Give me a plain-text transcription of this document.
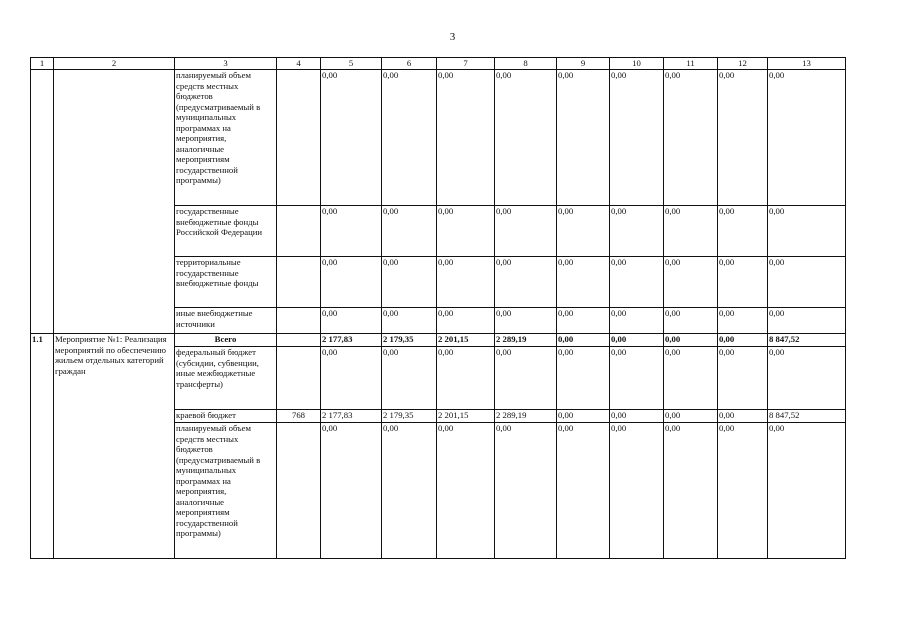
3
1	2	3	4	5	6	7	8	9	10	11	12	13
		планируемый объем средств местных бюджетов (предусматриваемый в муниципальных программах на мероприятия, аналогичные мероприятиям государственной программы)		0,00	0,00	0,00	0,00	0,00	0,00	0,00	0,00	0,00
		государственные внебюджетные фонды Российской Федерации		0,00	0,00	0,00	0,00	0,00	0,00	0,00	0,00	0,00
		территориальные государственные внебюджетные фонды		0,00	0,00	0,00	0,00	0,00	0,00	0,00	0,00	0,00
		иные внебюджетные источники		0,00	0,00	0,00	0,00	0,00	0,00	0,00	0,00	0,00
1.1	Мероприятие №1: Реализация мероприятий по обеспечению жильем отдельных категорий граждан	Всего		2 177,83	2 179,35	2 201,15	2 289,19	0,00	0,00	0,00	0,00	8 847,52
		федеральный бюджет (субсидии, субвенции, иные межбюджетные трансферты)		0,00	0,00	0,00	0,00	0,00	0,00	0,00	0,00	0,00
		краевой бюджет	768	2 177,83	2 179,35	2 201,15	2 289,19	0,00	0,00	0,00	0,00	8 847,52
		планируемый объем средств местных бюджетов (предусматриваемый в муниципальных программах на мероприятия, аналогичные мероприятиям государственной программы)		0,00	0,00	0,00	0,00	0,00	0,00	0,00	0,00	0,00
